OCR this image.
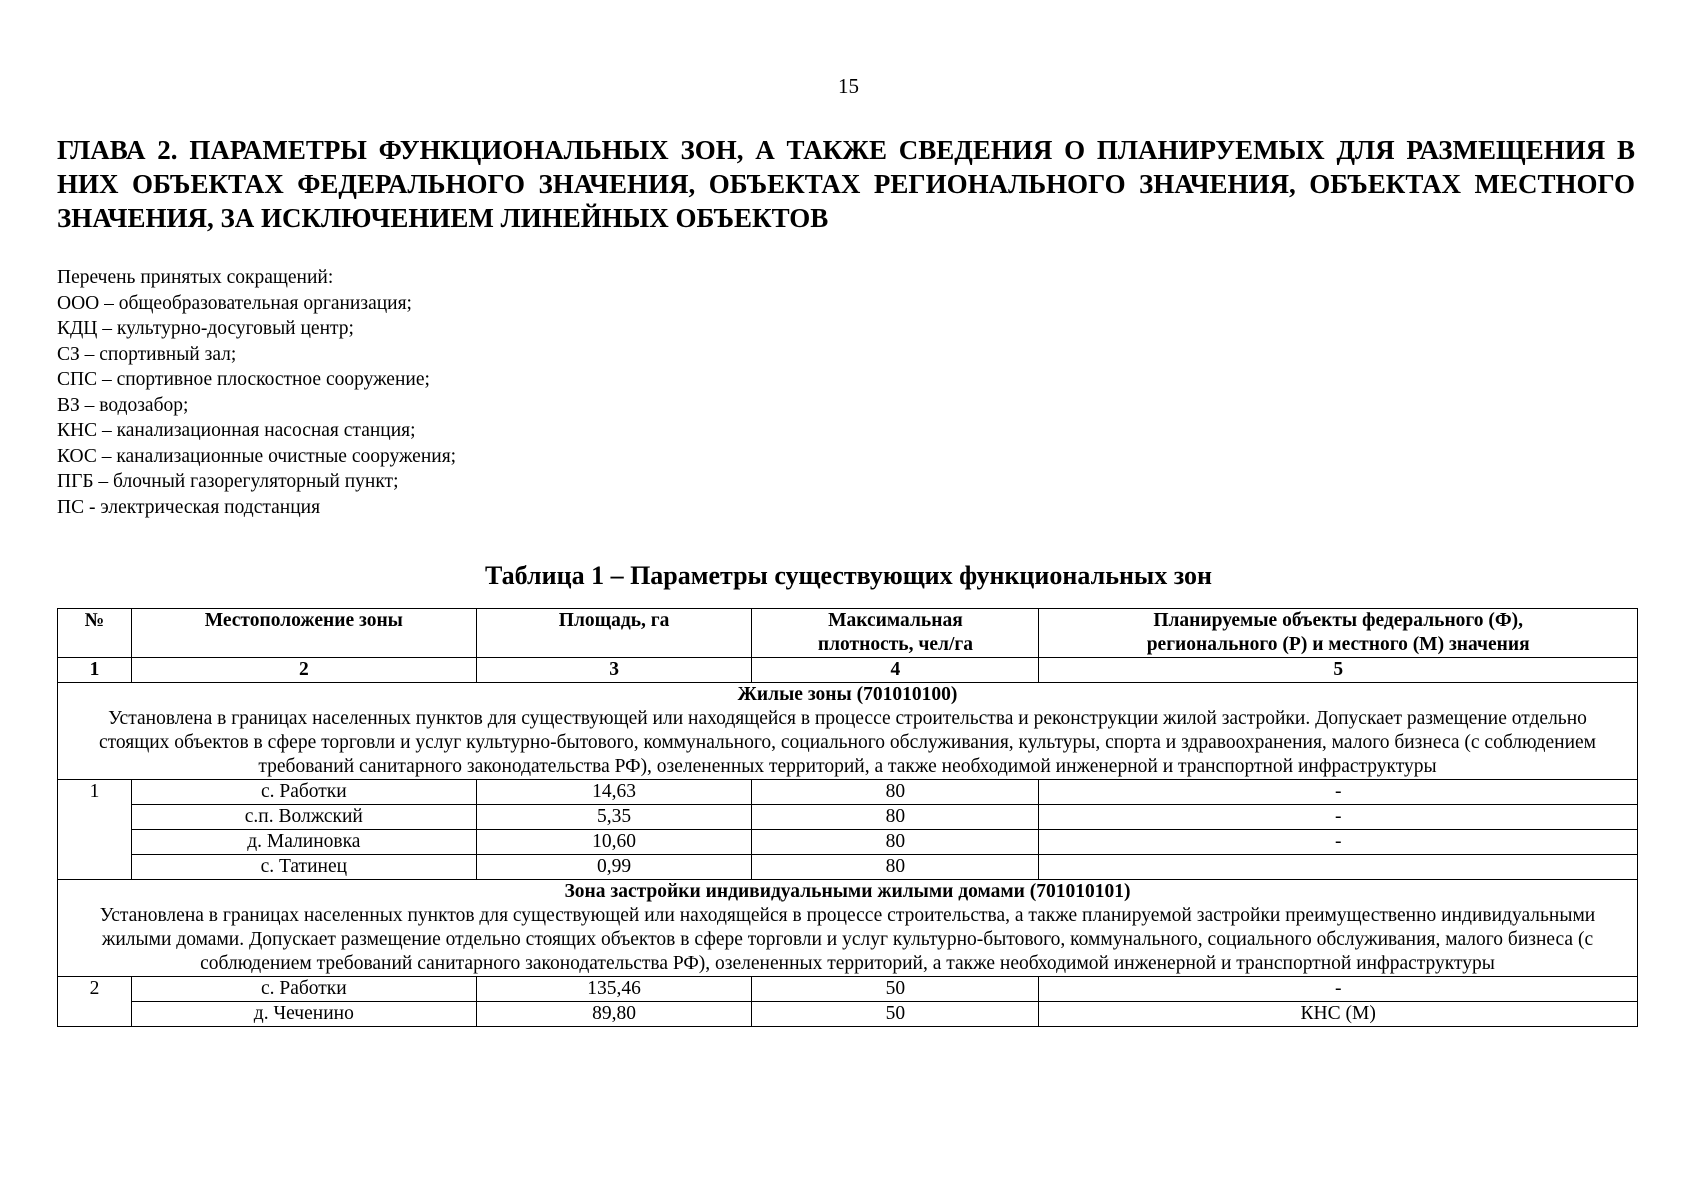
15
ГЛАВА 2. ПАРАМЕТРЫ ФУНКЦИОНАЛЬНЫХ ЗОН, А ТАКЖЕ СВЕДЕНИЯ О ПЛАНИРУЕМЫХ ДЛЯ РАЗМЕЩЕНИЯ В НИХ ОБЪЕКТАХ ФЕДЕРАЛЬНОГО ЗНАЧЕНИЯ, ОБЪЕКТАХ РЕГИОНАЛЬНОГО ЗНАЧЕНИЯ, ОБЪЕКТАХ МЕСТНОГО ЗНАЧЕНИЯ, ЗА ИСКЛЮЧЕНИЕМ ЛИНЕЙНЫХ ОБЪЕКТОВ
Перечень принятых сокращений:
ООО – общеобразовательная организация;
КДЦ – культурно-досуговый центр;
СЗ – спортивный зал;
СПС – спортивное плоскостное сооружение;
ВЗ – водозабор;
КНС – канализационная насосная станция;
КОС – канализационные очистные сооружения;
ПГБ – блочный газорегуляторный пункт;
ПС - электрическая подстанция
Таблица 1 – Параметры существующих функциональных зон
№	Местоположение зоны	Площадь, га	Максимальная плотность, чел/га	Планируемые объекты федерального (Ф), регионального (Р) и местного (М) значения
1	2	3	4	5

Жилые зоны (701010100)
Установлена в границах населенных пунктов для существующей или находящейся в процессе строительства и реконструкции жилой застройки. Допускает размещение отдельно стоящих объектов в сфере торговли и услуг культурно-бытового, коммунального, социального обслуживания, культуры, спорта и здравоохранения, малого бизнеса (с соблюдением требований санитарного законодательства РФ), озелененных территорий, а также необходимой инженерной и транспортной инфраструктуры				

1	с. Работки	14,63	80	-
	с.п. Волжский	5,35	80	-
	д. Малиновка	10,60	80	-
	с. Татинец	0,99	80	

Зона застройки индивидуальными жилыми домами (701010101)
Установлена в границах населенных пунктов для существующей или находящейся в процессе строительства, а также планируемой застройки преимущественно индивидуальными жилыми домами. Допускает размещение отдельно стоящих объектов в сфере торговли и услуг культурно-бытового, коммунального, социального обслуживания, малого бизнеса (с соблюдением требований санитарного законодательства РФ), озелененных территорий, а также необходимой инженерной и транспортной инфраструктуры				

2	с. Работки	135,46	50	-
	д. Чеченино	89,80	50	КНС (М)
